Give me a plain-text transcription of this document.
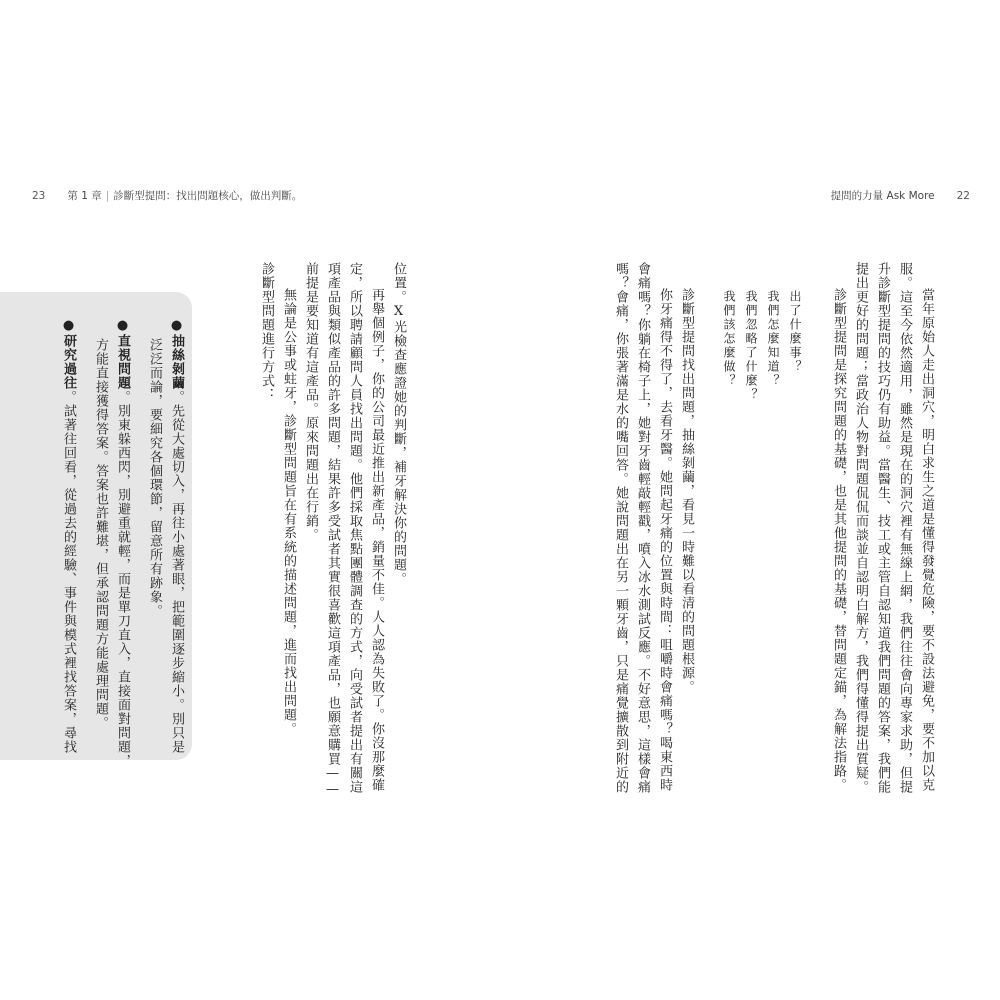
23 第 1 章 | 診斷型提問：找出問題核心，做出判斷。	提問的力量 Ask More 22
當年原始人走出洞穴，明白求生之道是懂得發覺危險，要不設法避免，要不加以克
服。這至今依然適用，雖然是現在的洞穴裡有無線上網，我們往往會向專家求助，但提
升診斷型提問的技巧仍有助益。當醫生、技工或主管自認知道我們問題的答案，我們能
提出更好的問題；當政治人物對問題侃侃而談並自認明白解方，我們得懂得提出質疑。
診斷型提問是探究問題的基礎，也是其他提問的基礎，替問題定錨，為解法指路。
出了什麼事？
我們怎麼知道？
我們忽略了什麼？
我們該怎麼做？
診斷型提問找出問題，抽絲剝繭，看見一時難以看清的問題根源。
你牙痛得不得了，去看牙醫。她問起牙痛的位置與時間：咀嚼時會痛嗎？喝東西時
會痛嗎？你躺在椅子上，她對牙齒輕敲輕戳，噴入冰水測試反應。不好意思，這樣會痛
嗎？會痛，你張著滿是水的嘴回答。她說問題出在另一顆牙齒，只是痛覺擴散到附近的
位置。X光檢查應證她的判斷，補牙解決你的問題。
再舉個例子，你的公司最近推出新產品，銷量不佳。人人認為失敗了。你沒那麼確
定，所以聘請顧問人員找出問題。他們採取焦點團體調查的方式，向受試者提出有關這
項產品與類似產品的許多問題，結果許多受試者其實很喜歡這項產品，也願意購買——
前提是要知道有這產品。原來問題出在行銷。
無論是公事或蛀牙，診斷型問題旨在有系統的描述問題，進而找出問題。
診斷型問題進行方式：
●抽絲剝繭。先從大處切入，再往小處著眼，把範圍逐步縮小。別只是
泛泛而論，要細究各個環節，留意所有跡象。
●直視問題。別東躲西閃，別避重就輕，而是單刀直入，直接面對問題，
方能直接獲得答案。答案也許難堪，但承認問題方能處理問題。
●研究過往。試著往回看，從過去的經驗、事件與模式裡找答案，尋找
